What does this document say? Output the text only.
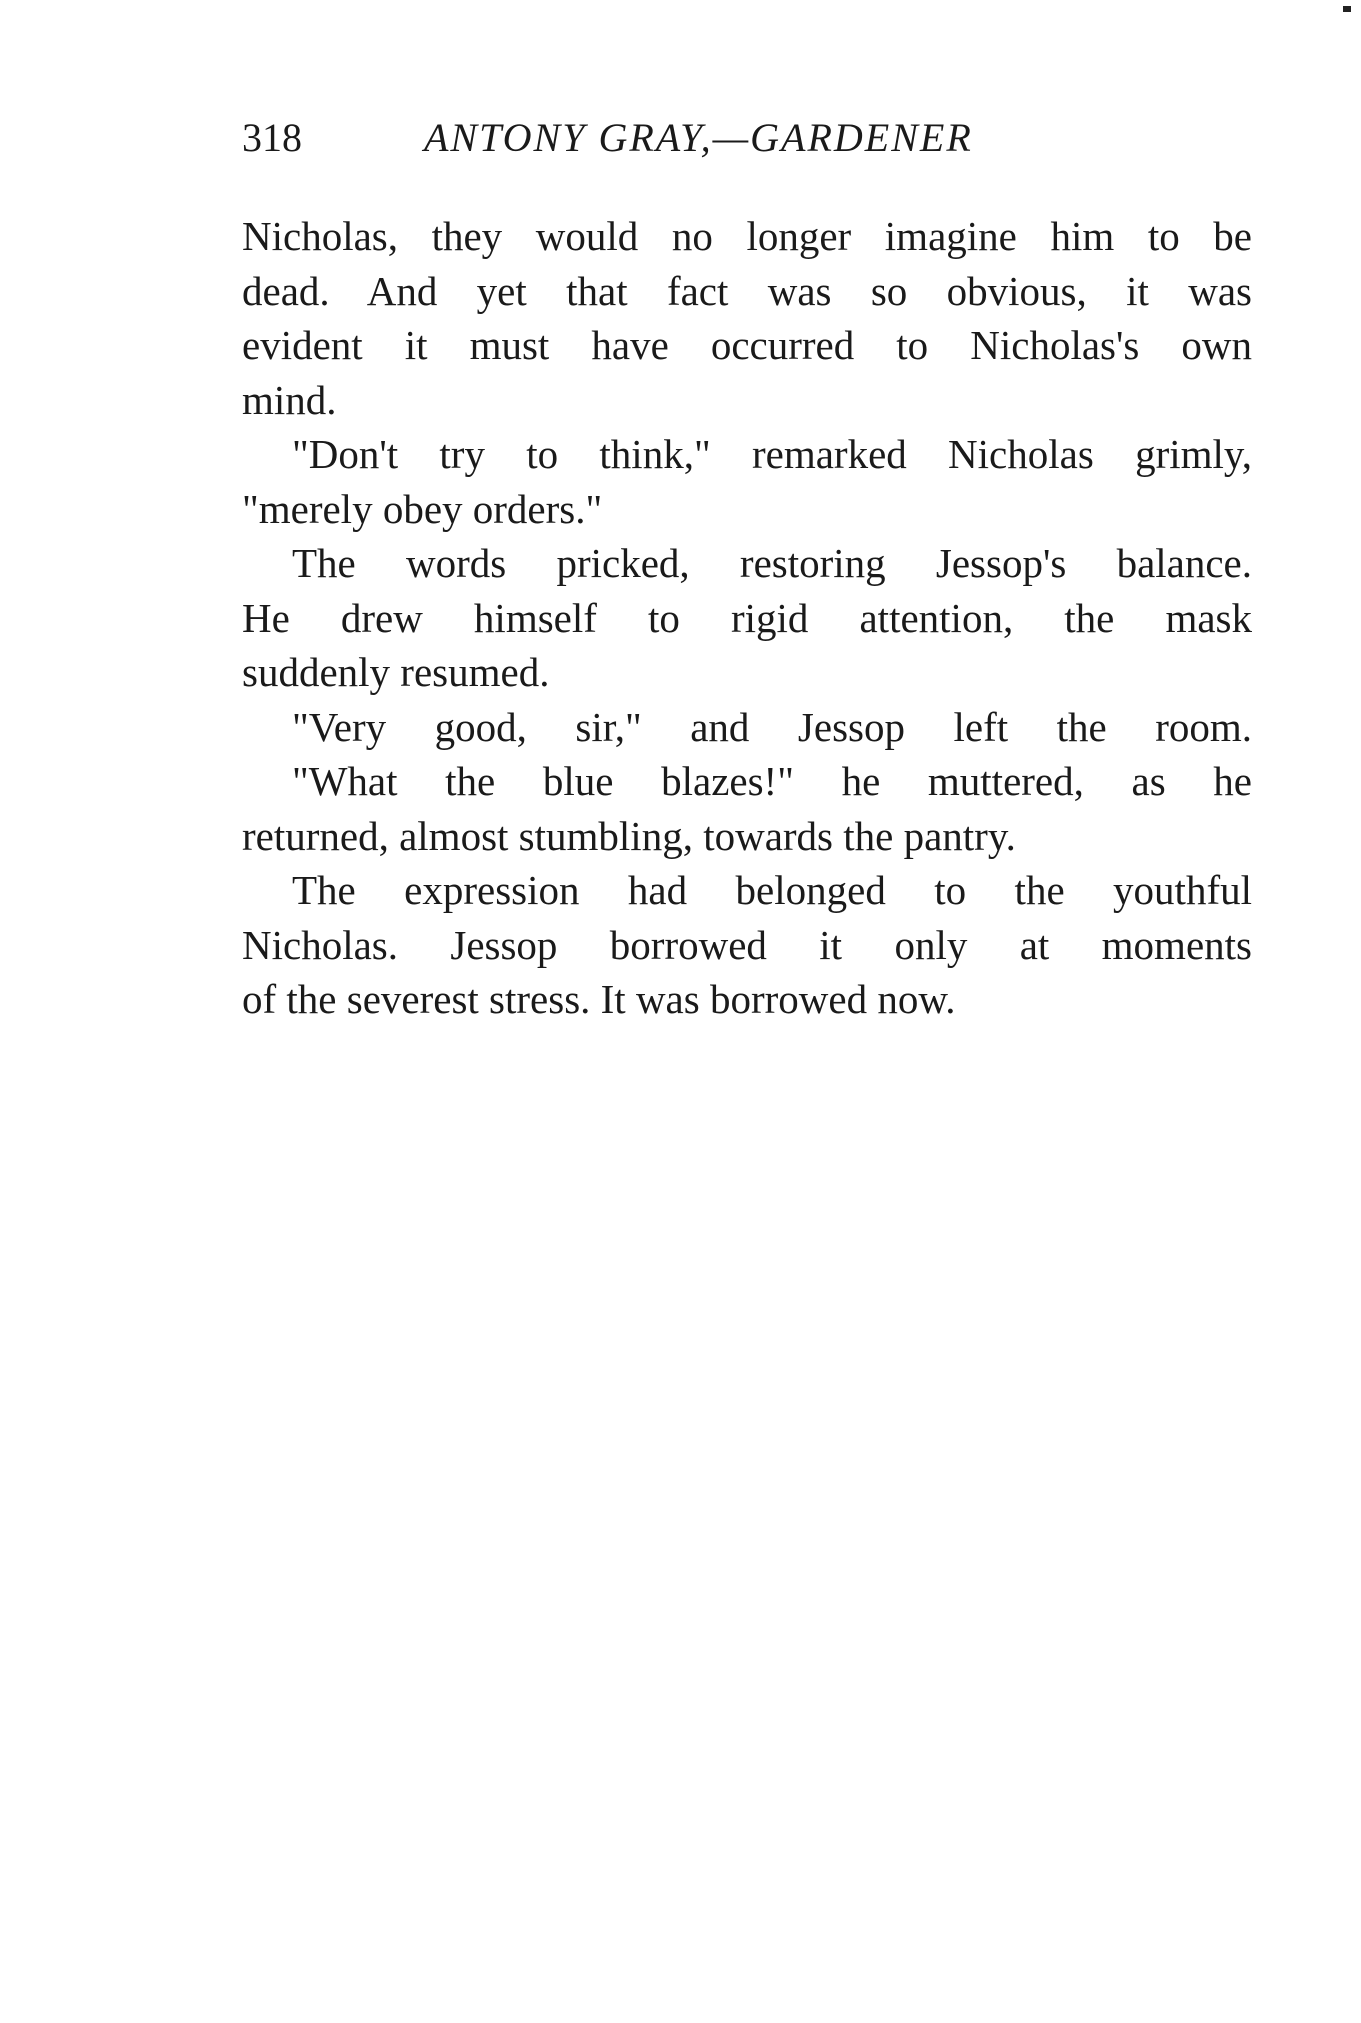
318	ANTONY GRAY,—GARDENER

Nicholas, they would no longer imagine him to be
dead. And yet that fact was so obvious, it was
evident it must have occurred to Nicholas's own
mind.

"Don't try to think," remarked Nicholas grimly,
"merely obey orders."

The words pricked, restoring Jessop's balance.
He drew himself to rigid attention, the mask
suddenly resumed.

"Very good, sir," and Jessop left the room.

"What the blue blazes!" he muttered, as he
returned, almost stumbling, towards the pantry.

The expression had belonged to the youthful
Nicholas. Jessop borrowed it only at moments
of the severest stress. It was borrowed now.
